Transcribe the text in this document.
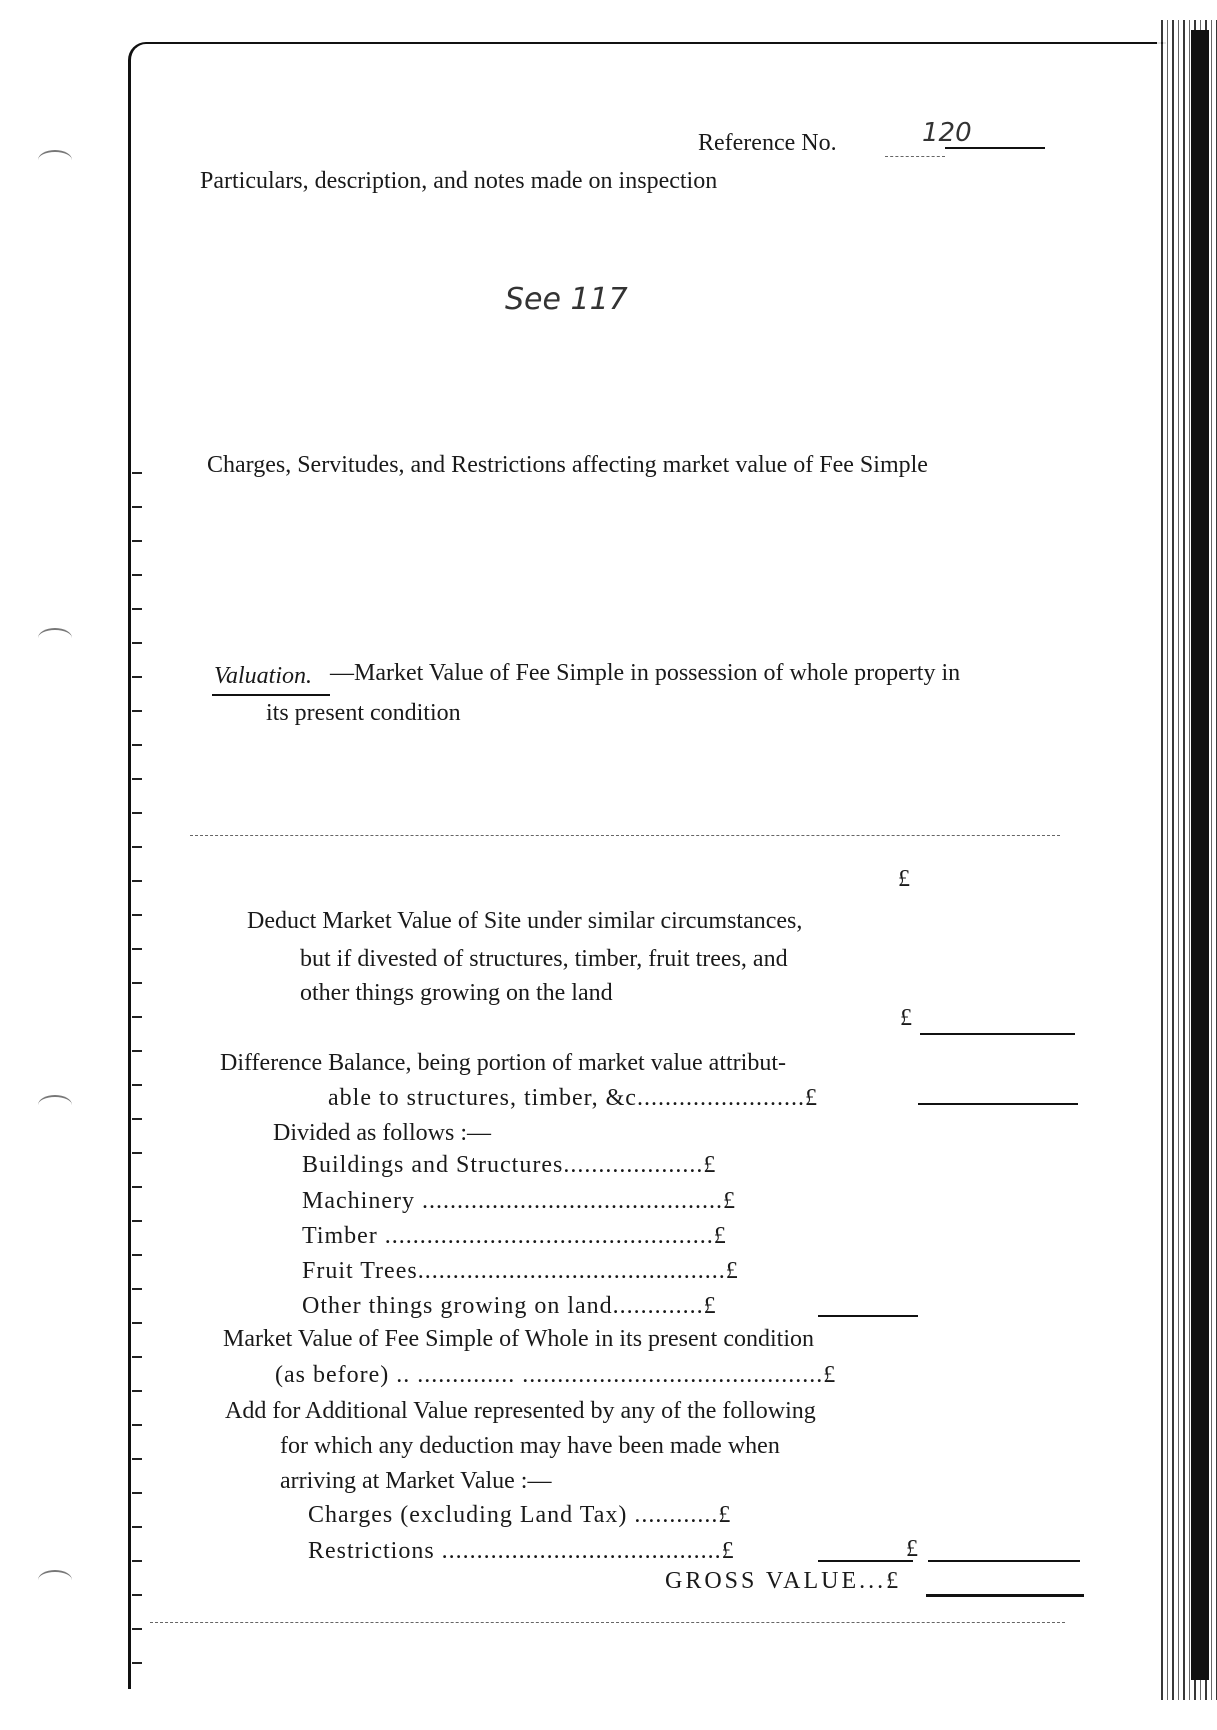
Reference No.	120
Particulars, description, and notes made on inspection
See 117
Charges, Servitudes, and Restrictions affecting market value of Fee Simple
Valuation. —Market Value of Fee Simple in possession of whole property in
its present condition
£
Deduct Market Value of Site under similar circumstances,
but if divested of structures, timber, fruit trees, and
other things growing on the land
£
Difference Balance, being portion of market value attribut-
able to structures, timber, &c........................£
Divided as follows :—
Buildings and Structures....................£
Machinery ...........................................£
Timber ...............................................£
Fruit Trees............................................£
Other things growing on land.............£
Market Value of Fee Simple of Whole in its present condition
(as before) .. .............. ...........................................£
Add for Additional Value represented by any of the following
for which any deduction may have been made when
arriving at Market Value :—
Charges (excluding Land Tax) ............£
Restrictions ........................................£	£
GROSS VALUE...£
